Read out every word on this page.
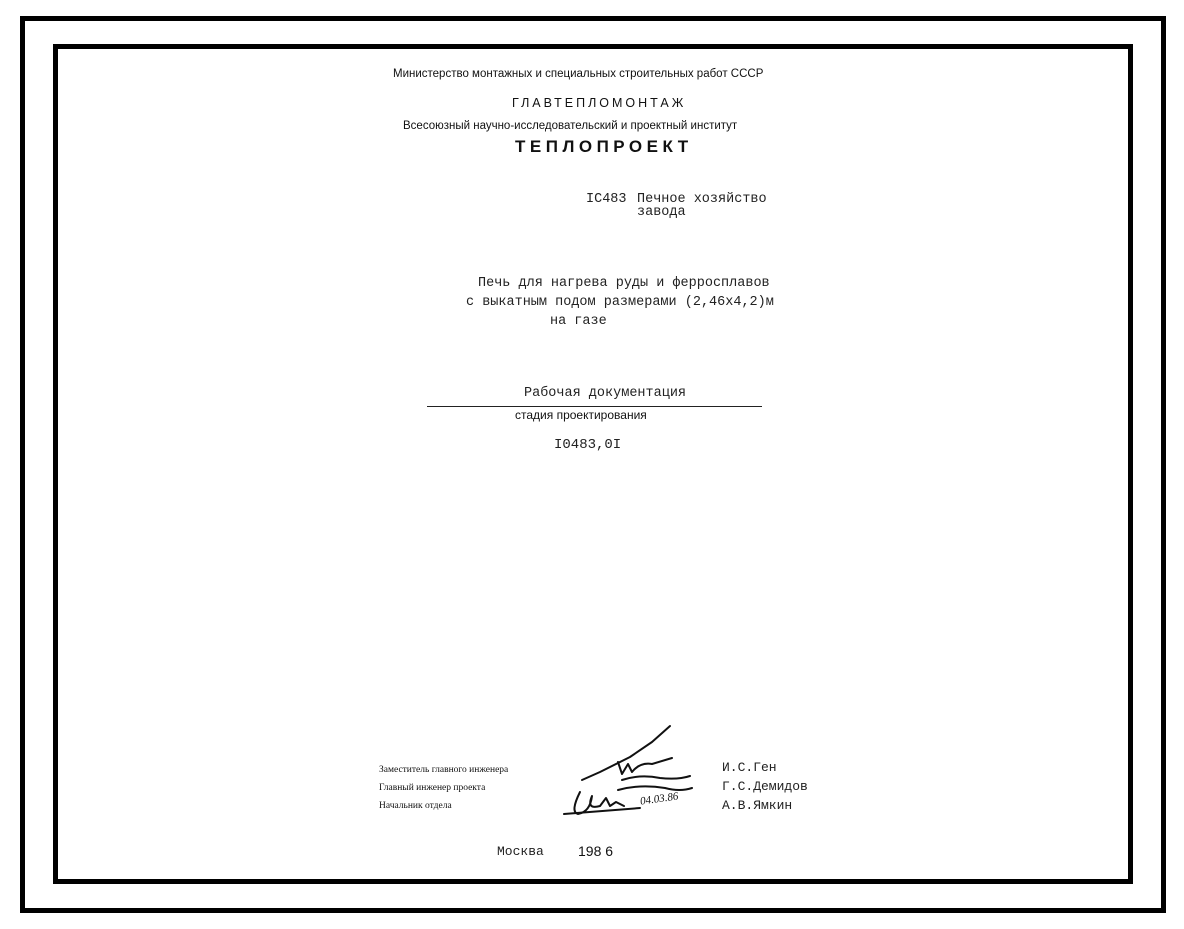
Министерство монтажных и специальных строительных работ СССР
ГЛАВТЕПЛОМОНТАЖ
Всесоюзный научно-исследовательский и проектный институт
ТЕПЛОПРОЕКТ
IC483 Печное хозяйство
завода
Печь для нагрева руды и ферросплавов
с выкатным подом размерами (2,46х4,2)м
на газе
Рабочая документация
стадия проектирования
I0483,0I
Заместитель главного инженера
Главный инженер проекта
Начальник отдела	04.03.86
И.С.Ген
Г.С.Демидов
А.В.Ямкин
Москва 198 6
